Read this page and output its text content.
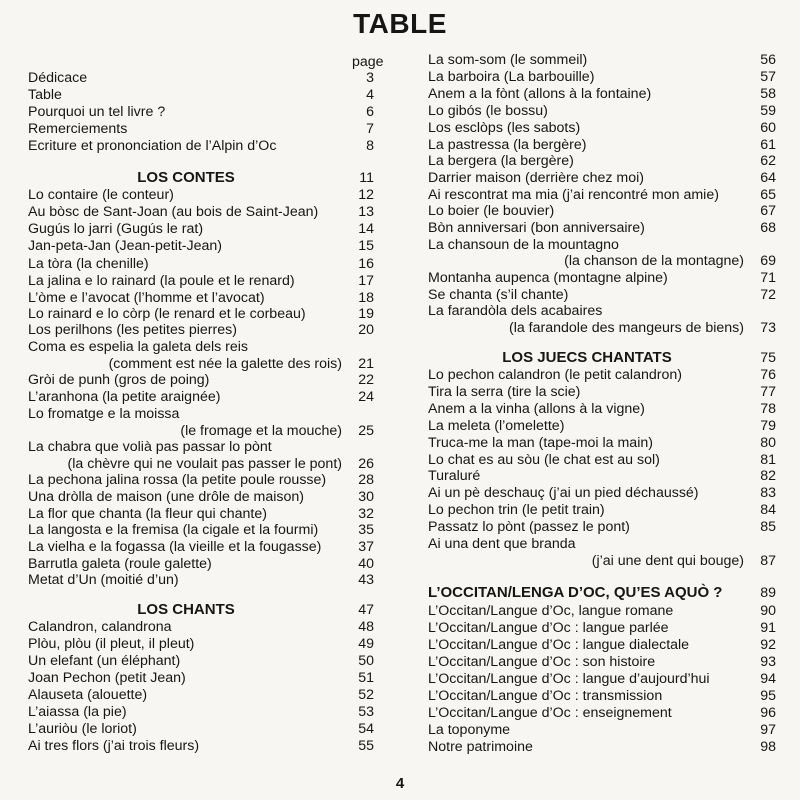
TABLE
page
Dédicace	3
Table	4
Pourquoi un tel livre ?	6
Remerciements	7
Ecriture et prononciation de l’Alpin d’Oc	8
LOS CONTES	11
Lo contaire (le conteur)	12
Au bòsc de Sant-Joan (au bois de Saint-Jean)	13
Gugús lo jarri (Gugús le rat)	14
Jan-peta-Jan (Jean-petit-Jean)	15
La tòra (la chenille)	16
La jalina e lo rainard (la poule et le renard)	17
L’òme e l’avocat (l’homme et l’avocat)	18
Lo rainard e lo còrp (le renard et le corbeau)	19
Los perilhons (les petites pierres)	20
Coma es espelia la galeta dels reis
(comment est née la galette des rois) 21
Gròi de punh (gros de poing)	22
L’aranhona (la petite araignée)	24
Lo fromatge e la moissa
(le fromage et la mouche) 25
La chabra que volià pas passar lo pònt
(la chèvre qui ne voulait pas passer le pont) 26
La pechona jalina rossa (la petite poule rousse) 28
Una dròlla de maison (une drôle de maison)	30
La flor que chanta (la fleur qui chante)	32
La langosta e la fremisa (la cigale et la fourmi)	35
La vielha e la fogassa (la vieille et la fougasse)	37
Barrutla galeta (roule galette)	40
Metat d’Un (moitié d’un)	43
LOS CHANTS	47
Calandron, calandrona	48
Plòu, plòu (il pleut, il pleut)	49
Un elefant (un éléphant)	50
Joan Pechon (petit Jean)	51
Alauseta (alouette)	52
L’aiassa (la pie)	53
L’auriòu (le loriot)	54
Ai tres flors (j’ai trois fleurs)	55
La som-som (le sommeil)	56
La barboira (La barbouille)	57
Anem a la fònt (allons à la fontaine)	58
Lo gibós (le bossu)	59
Los esclòps (les sabots)	60
La pastressa (la bergère)	61
La bergera (la bergère)	62
Darrier maison (derrière chez moi)	64
Ai rescontrat ma mia (j’ai rencontré mon amie)	65
Lo boier (le bouvier)	67
Bòn anniversari (bon anniversaire)	68
La chansoun de la mountagno
(la chanson de la montagne) 69
Montanha aupenca (montagne alpine)	71
Se chanta (s’il chante)	72
La farandòla dels acabaires
(la farandole des mangeurs de biens) 73
LOS JUECS CHANTATS	75
Lo pechon calandron (le petit calandron)	76
Tira la serra (tire la scie)	77
Anem a la vinha (allons à la vigne)	78
La meleta (l’omelette)	79
Truca-me la man (tape-moi la main)	80
Lo chat es au sòu (le chat est au sol)	81
Turaluré	82
Ai un pè deschauç (j’ai un pied déchaussé)	83
Lo pechon trin (le petit train)	84
Passatz lo pònt (passez le pont)	85
Ai una dent que branda
(j’ai une dent qui bouge) 87
L’OCCITAN/LENGA D’OC, QU’ES AQUÒ ?	89
L’Occitan/Langue d’Oc, langue romane	90
L’Occitan/Langue d’Oc : langue parlée	91
L’Occitan/Langue d’Oc : langue dialectale	92
L’Occitan/Langue d’Oc : son histoire	93
L’Occitan/Langue d’Oc : langue d’aujourd’hui	94
L’Occitan/Langue d’Oc : transmission	95
L’Occitan/Langue d’Oc : enseignement	96
La toponyme	97
Notre patrimoine	98
4
